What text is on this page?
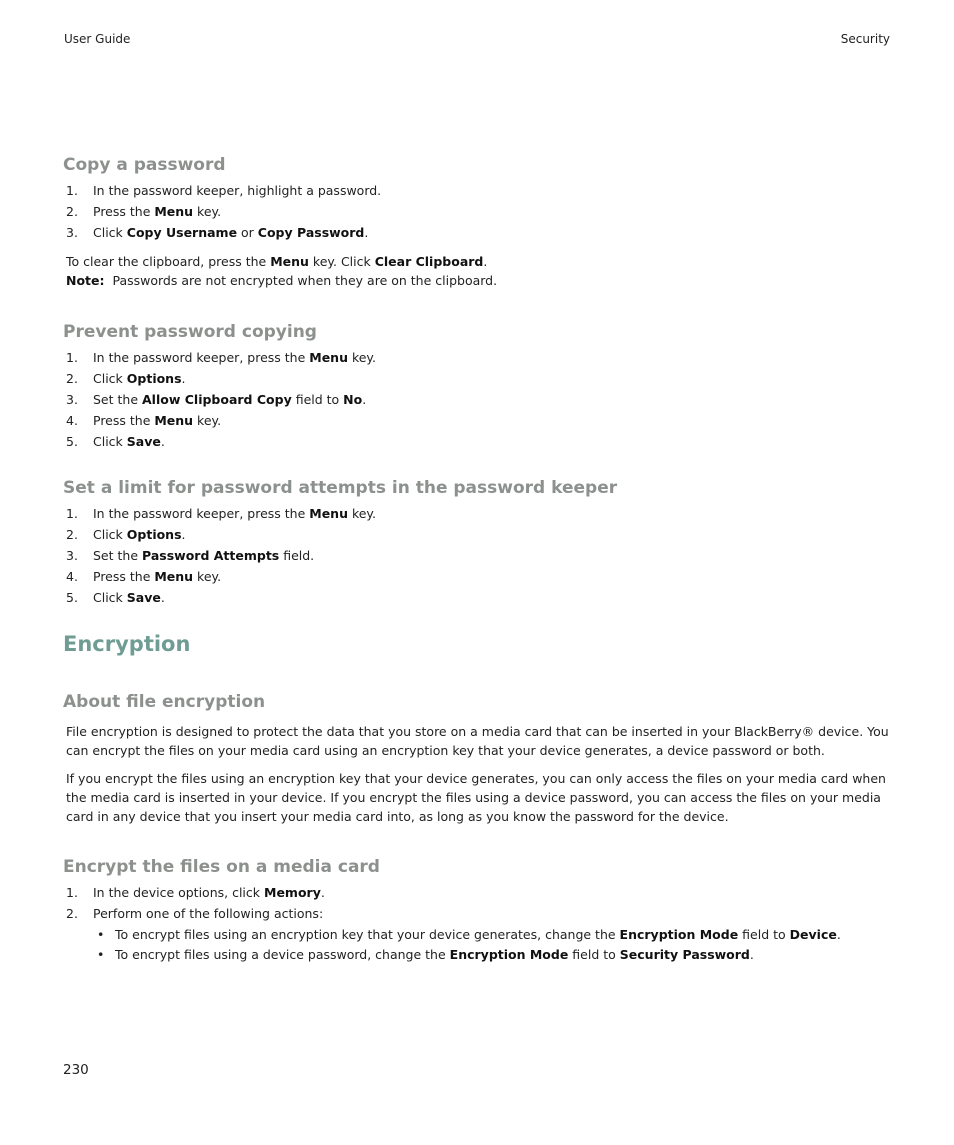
User Guide	Security
Copy a password
1. In the password keeper, highlight a password.
2. Press the Menu key.
3. Click Copy Username or Copy Password.

To clear the clipboard, press the Menu key. Click Clear Clipboard.

Note:  Passwords are not encrypted when they are on the clipboard.

Prevent password copying
1. In the password keeper, press the Menu key.
2. Click Options.
3. Set the Allow Clipboard Copy field to No.
4. Press the Menu key.
5. Click Save.
Set a limit for password attempts in the password keeper
1. In the password keeper, press the Menu key.
2. Click Options.
3. Set the Password Attempts field.
4. Press the Menu key.
5. Click Save.
Encryption
About file encryption

File encryption is designed to protect the data that you store on a media card that can be inserted in your BlackBerry® device. You can encrypt the files on your media card using an encryption key that your device generates, a device password or both.

If you encrypt the files using an encryption key that your device generates, you can only access the files on your media card when the media card is inserted in your device. If you encrypt the files using a device password, you can access the files on your media card in any device that you insert your media card into, as long as you know the password for the device.

Encrypt the files on a media card
1. In the device options, click Memory.
2. Perform one of the following actions:
• To encrypt files using an encryption key that your device generates, change the Encryption Mode field to Device.
• To encrypt files using a device password, change the Encryption Mode field to Security Password.
230
